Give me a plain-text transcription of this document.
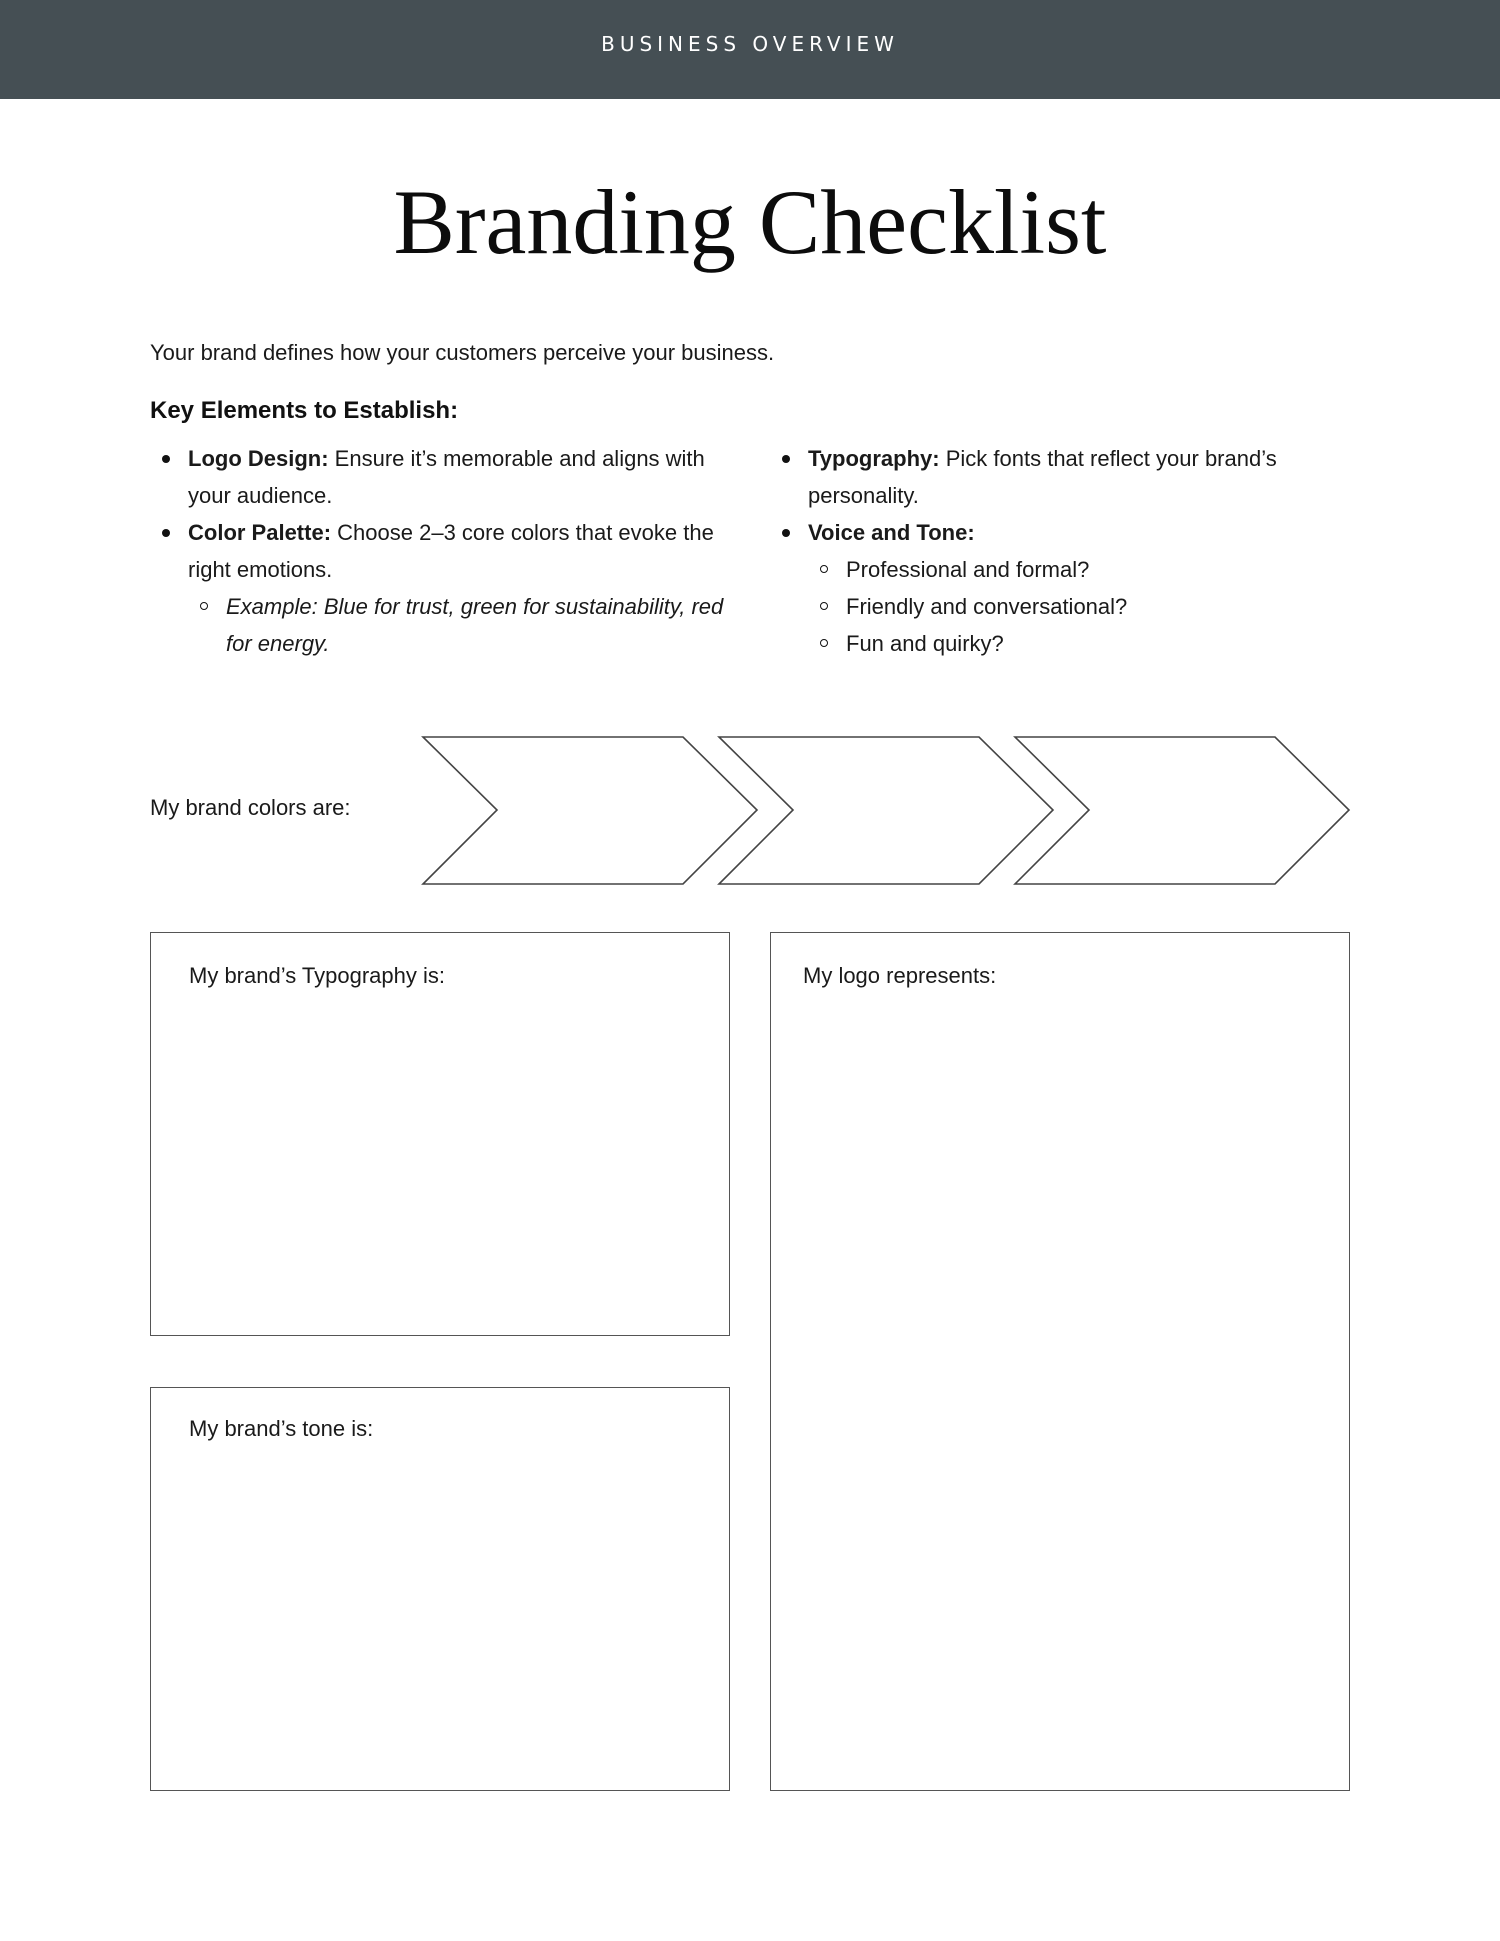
BUSINESS OVERVIEW
Branding Checklist
Your brand defines how your customers perceive your business.
Key Elements to Establish:
Logo Design: Ensure it’s memorable and aligns with your audience.
Color Palette: Choose 2–3 core colors that evoke the right emotions.
Example: Blue for trust, green for sustainability, red for energy.
Typography: Pick fonts that reflect your brand’s personality.
Voice and Tone:
Professional and formal?
Friendly and conversational?
Fun and quirky?
My brand colors are:
My brand’s Typography is:
My brand’s tone is:
My logo represents:
